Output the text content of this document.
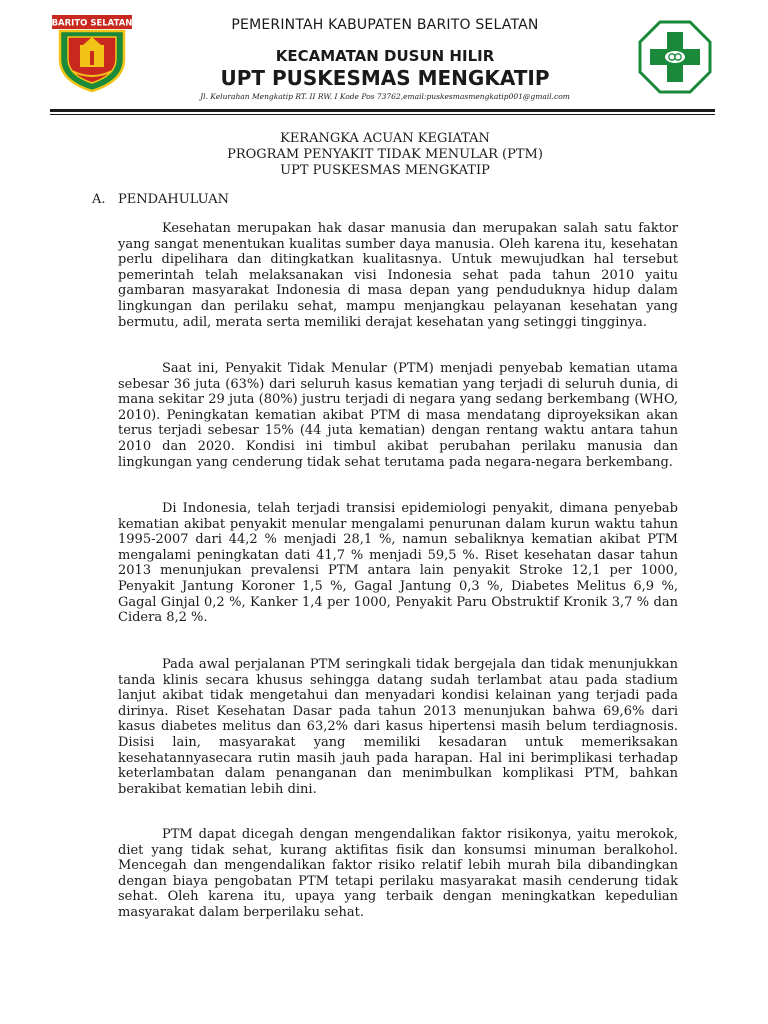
BARITO SELATAN	PEMERINTAH KABUPATEN BARITO SELATAN
KECAMATAN DUSUN HILIR
UPT PUSKESMAS MENGKATIP
Jl. Kelurahan Mengkatip RT. II RW. I Kode Pos 73762,email:puskesmasmengkatip001@gmail.com
KERANGKA ACUAN KEGIATAN
PROGRAM PENYAKIT TIDAK MENULAR (PTM)
UPT PUSKESMAS MENGKATIP
A. PENDAHULUAN

Kesehatan merupakan hak dasar manusia dan merupakan salah satu faktor yang sangat menentukan kualitas sumber daya manusia. Oleh karena itu, kesehatan perlu dipelihara dan ditingkatkan kualitasnya. Untuk mewujudkan hal tersebut pemerintah telah melaksanakan visi Indonesia sehat pada tahun 2010 yaitu gambaran masyarakat Indonesia di masa depan yang penduduknya hidup dalam lingkungan dan perilaku sehat, mampu menjangkau pelayanan kesehatan yang bermutu, adil, merata serta memiliki derajat kesehatan yang setinggi tingginya.

Saat ini, Penyakit Tidak Menular (PTM) menjadi penyebab kematian utama sebesar 36 juta (63%) dari seluruh kasus kematian yang terjadi di seluruh dunia, di mana sekitar 29 juta (80%) justru terjadi di negara yang sedang berkembang (WHO, 2010). Peningkatan kematian akibat PTM di masa mendatang diproyeksikan akan terus terjadi sebesar 15% (44 juta kematian) dengan rentang waktu antara tahun 2010 dan 2020. Kondisi ini timbul akibat perubahan perilaku manusia dan lingkungan yang cenderung tidak sehat terutama pada negara-negara berkembang.

Di Indonesia, telah terjadi transisi epidemiologi penyakit, dimana penyebab kematian akibat penyakit menular mengalami penurunan dalam kurun waktu tahun 1995-2007 dari 44,2 % menjadi 28,1 %, namun sebaliknya kematian akibat PTM mengalami peningkatan dati 41,7 % menjadi 59,5 %. Riset kesehatan dasar tahun 2013 menunjukan prevalensi PTM antara lain penyakit Stroke 12,1 per 1000, Penyakit Jantung Koroner 1,5 %, Gagal Jantung 0,3 %, Diabetes Melitus 6,9 %, Gagal Ginjal 0,2 %, Kanker 1,4 per 1000, Penyakit Paru Obstruktif Kronik 3,7 % dan Cidera 8,2 %.

Pada awal perjalanan PTM seringkali tidak bergejala dan tidak menunjukkan tanda klinis secara khusus sehingga datang sudah terlambat atau pada stadium lanjut akibat tidak mengetahui dan menyadari kondisi kelainan yang terjadi pada dirinya. Riset Kesehatan Dasar pada tahun 2013 menunjukan bahwa 69,6% dari kasus diabetes melitus dan 63,2% dari kasus hipertensi masih belum terdiagnosis. Disisi lain, masyarakat yang memiliki kesadaran untuk memeriksakan kesehatannyasecara rutin masih jauh pada harapan. Hal ini berimplikasi terhadap keterlambatan dalam penanganan dan menimbulkan komplikasi PTM, bahkan berakibat kematian lebih dini.

PTM dapat dicegah dengan mengendalikan faktor risikonya, yaitu merokok, diet yang tidak sehat, kurang aktifitas fisik dan konsumsi minuman beralkohol. Mencegah dan mengendalikan faktor risiko relatif lebih murah bila dibandingkan dengan biaya pengobatan PTM tetapi perilaku masyarakat masih cenderung tidak sehat. Oleh karena itu, upaya yang terbaik dengan meningkatkan kepedulian masyarakat dalam berperilaku sehat.
